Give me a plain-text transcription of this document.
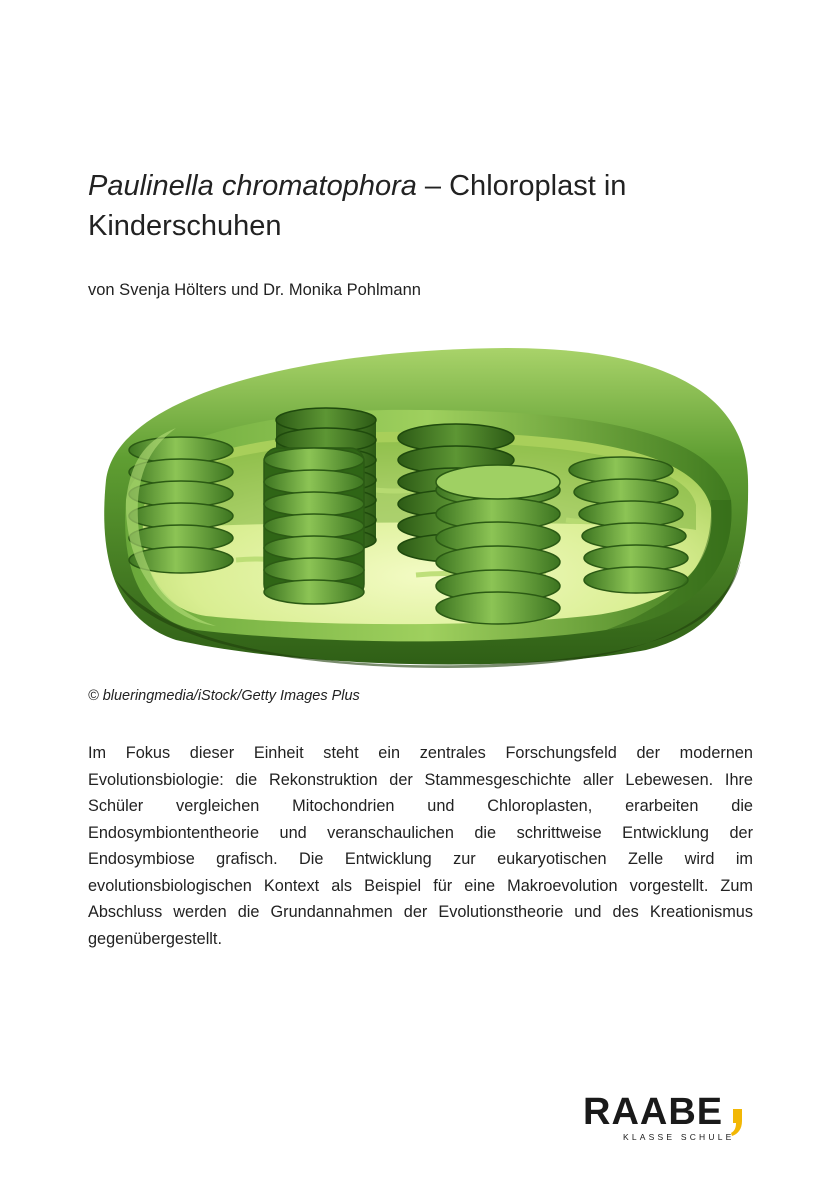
Paulinella chromatophora – Chloroplast in Kinderschuhen
von Svenja Hölters und Dr. Monika Pohlmann
© blueringmedia/iStock/Getty Images Plus

Im Fokus dieser Einheit steht ein zentrales Forschungsfeld der modernen Evolutionsbiologie: die Rekonstruktion der Stammesgeschichte aller Lebewesen. Ihre Schüler vergleichen Mitochondrien und Chloroplasten, erarbeiten die Endosymbiontentheorie und veranschaulichen die schrittweise Entwicklung der Endosymbiose grafisch. Die Entwicklung zur eukaryotischen Zelle wird im evolutionsbiologischen Kontext als Beispiel für eine Makroevolution vorgestellt. Zum Abschluss werden die Grundannahmen der Evolutionstheorie und des Kreationismus gegenübergestellt.

RAABE
KLASSE SCHULE
